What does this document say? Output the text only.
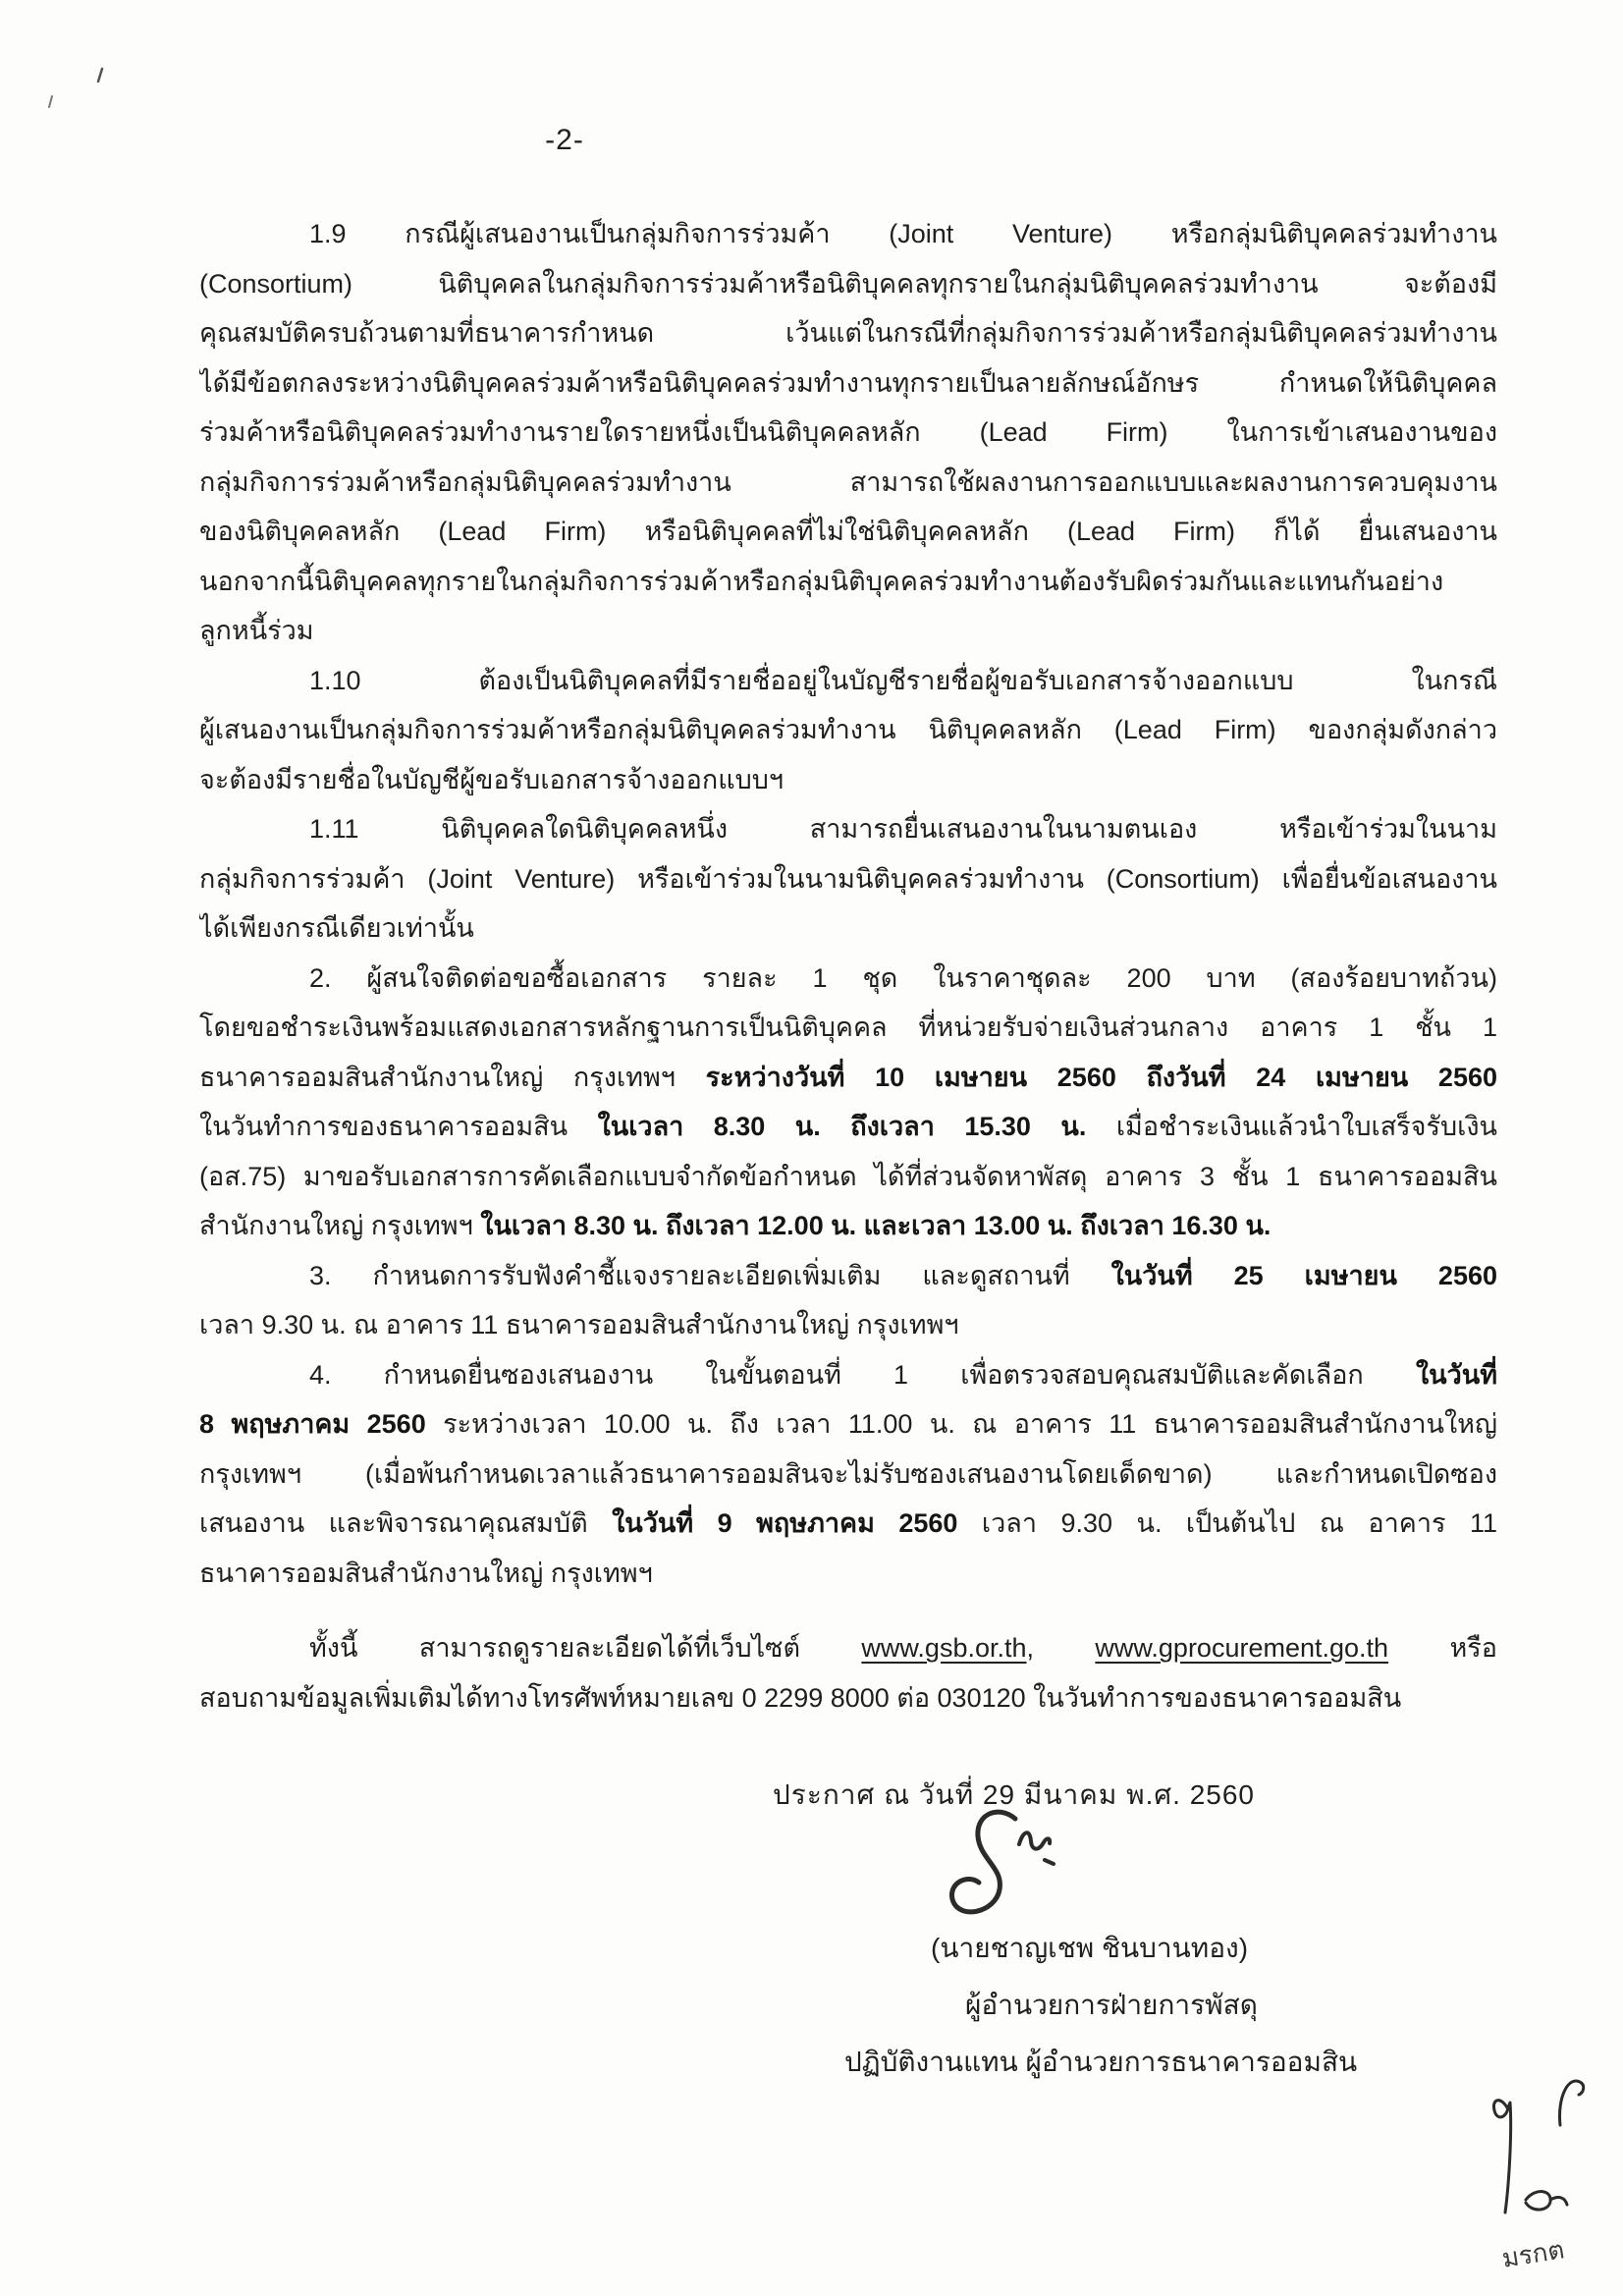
-2-
1.9 กรณีผู้เสนองานเป็นกลุ่มกิจการร่วมค้า (Joint Venture) หรือกลุ่มนิติบุคคลร่วมทำงาน
(Consortium) นิติบุคคลในกลุ่มกิจการร่วมค้าหรือนิติบุคคลทุกรายในกลุ่มนิติบุคคลร่วมทำงาน จะต้องมี
คุณสมบัติครบถ้วนตามที่ธนาคารกำหนด เว้นแต่ในกรณีที่กลุ่มกิจการร่วมค้าหรือกลุ่มนิติบุคคลร่วมทำงาน
ได้มีข้อตกลงระหว่างนิติบุคคลร่วมค้าหรือนิติบุคคลร่วมทำงานทุกรายเป็นลายลักษณ์อักษร กำหนดให้นิติบุคคล
ร่วมค้าหรือนิติบุคคลร่วมทำงานรายใดรายหนึ่งเป็นนิติบุคคลหลัก (Lead Firm) ในการเข้าเสนองานของ
กลุ่มกิจการร่วมค้าหรือกลุ่มนิติบุคคลร่วมทำงาน สามารถใช้ผลงานการออกแบบและผลงานการควบคุมงาน
ของนิติบุคคลหลัก (Lead Firm) หรือนิติบุคคลที่ไม่ใช่นิติบุคคลหลัก (Lead Firm) ก็ได้ ยื่นเสนองาน
นอกจากนี้นิติบุคคลทุกรายในกลุ่มกิจการร่วมค้าหรือกลุ่มนิติบุคคลร่วมทำงานต้องรับผิดร่วมกันและแทนกันอย่าง
ลูกหนี้ร่วม
1.10 ต้องเป็นนิติบุคคลที่มีรายชื่ออยู่ในบัญชีรายชื่อผู้ขอรับเอกสารจ้างออกแบบ ในกรณี
ผู้เสนองานเป็นกลุ่มกิจการร่วมค้าหรือกลุ่มนิติบุคคลร่วมทำงาน นิติบุคคลหลัก (Lead Firm) ของกลุ่มดังกล่าว
จะต้องมีรายชื่อในบัญชีผู้ขอรับเอกสารจ้างออกแบบฯ
1.11 นิติบุคคลใดนิติบุคคลหนึ่ง สามารถยื่นเสนองานในนามตนเอง หรือเข้าร่วมในนาม
กลุ่มกิจการร่วมค้า (Joint Venture) หรือเข้าร่วมในนามนิติบุคคลร่วมทำงาน (Consortium) เพื่อยื่นข้อเสนองาน
ได้เพียงกรณีเดียวเท่านั้น
2. ผู้สนใจติดต่อขอซื้อเอกสาร รายละ 1 ชุด ในราคาชุดละ 200 บาท (สองร้อยบาทถ้วน)
โดยขอชำระเงินพร้อมแสดงเอกสารหลักฐานการเป็นนิติบุคคล ที่หน่วยรับจ่ายเงินส่วนกลาง อาคาร 1 ชั้น 1
ธนาคารออมสินสำนักงานใหญ่ กรุงเทพฯ ระหว่างวันที่ 10 เมษายน 2560 ถึงวันที่ 24 เมษายน 2560
ในวันทำการของธนาคารออมสิน ในเวลา 8.30 น. ถึงเวลา 15.30 น. เมื่อชำระเงินแล้วนำใบเสร็จรับเงิน
(อส.75) มาขอรับเอกสารการคัดเลือกแบบจำกัดข้อกำหนด ได้ที่ส่วนจัดหาพัสดุ อาคาร 3 ชั้น 1 ธนาคารออมสิน
สำนักงานใหญ่ กรุงเทพฯ ในเวลา 8.30 น. ถึงเวลา 12.00 น. และเวลา 13.00 น. ถึงเวลา 16.30 น.
3. กำหนดการรับฟังคำชี้แจงรายละเอียดเพิ่มเติม และดูสถานที่ ในวันที่ 25 เมษายน 2560
เวลา 9.30 น. ณ อาคาร 11 ธนาคารออมสินสำนักงานใหญ่ กรุงเทพฯ
4. กำหนดยื่นซองเสนองาน ในขั้นตอนที่ 1 เพื่อตรวจสอบคุณสมบัติและคัดเลือก ในวันที่
8 พฤษภาคม 2560 ระหว่างเวลา 10.00 น. ถึง เวลา 11.00 น. ณ อาคาร 11 ธนาคารออมสินสำนักงานใหญ่
กรุงเทพฯ (เมื่อพ้นกำหนดเวลาแล้วธนาคารออมสินจะไม่รับซองเสนองานโดยเด็ดขาด) และกำหนดเปิดซอง
เสนองาน และพิจารณาคุณสมบัติ ในวันที่ 9 พฤษภาคม 2560 เวลา 9.30 น. เป็นต้นไป ณ อาคาร 11
ธนาคารออมสินสำนักงานใหญ่ กรุงเทพฯ
ทั้งนี้ สามารถดูรายละเอียดได้ที่เว็บไซต์ www.gsb.or.th, www.gprocurement.go.th หรือ
สอบถามข้อมูลเพิ่มเติมได้ทางโทรศัพท์หมายเลข 0 2299 8000 ต่อ 030120 ในวันทำการของธนาคารออมสิน
ประกาศ ณ วันที่ 29 มีนาคม พ.ศ. 2560
(นายชาญเชพ ชินบานทอง)
ผู้อำนวยการฝ่ายการพัสดุ
ปฏิบัติงานแทน ผู้อำนวยการธนาคารออมสิน
มรกต
